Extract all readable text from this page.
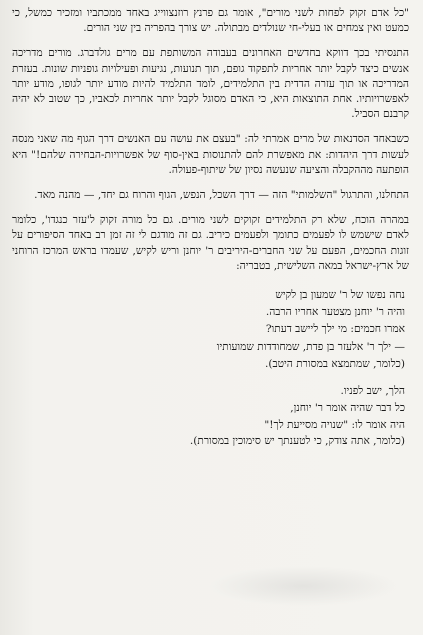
"כל אדם זקוק לפחות לשני מורים", אומר גם פרנץ רוזנצווייג באחד ממכתביו ומזכיר כמשל, כי כמעט ואין צמחים או בעלי-חי שנולדים מבתולה. יש צורך בהפריה בין שני הורים.

התנסיתי בכך דווקא בחדשים האחרונים בעבודה המשותפת עם מרים גולדברג. מורים מדריכה אנשים כיצד לקבל יותר אחריות לתפקוד גופם, תוך תנועות, נגיעות ופעילויות גופניות שונות. בעזרת המדריכה או תוך עזרה הדדית בין התלמידים, לומד התלמיד להיות מודע יותר לגופו, מודע יותר לאפשרויותיו. אחת התוצאות היא, כי האדם מסוגל לקבל יותר אחריות לכאביו, כך שטוב לא יהיה קרבנם הסביל.

כשבאחד הסדנאות של מרים אמרתי לה: "בעצם את עושה עם האנשים דרך הגוף מה שאני מנסה לעשות דרך היהדות: את מאפשרת להם להתנוסות באין-סוף של אפשרויות-הבחירה שלהם!" היא הופתעה מההקבלה והציעה שנעשה נסיון של שיתוף-פעולה.

התחלנו, והתרגול "השלמותי" הזה — דרך השכל, הנפש, הגוף והרוח גם יחד, — מהנה מאד.

במהרה הוכח, שלא רק התלמידים זקוקים לשני מורים. גם כל מורה זקוק ל'עזר כנגדו', כלומר לאדם שישמש לו לפעמים כתומך ולפעמים כיריב. גם זה מודגם לי זה זמן רב באחד הסיפורים על זוגות החכמים, הפעם על שני החברים-היריבים ר' יוחנן וריש לקיש, שעמדו בראש המרכז הרוחני של ארץ-ישראל במאה השלישית, בטבריה:

נחה נפשו של ר' שמעון בן לקיש
והיה ר' יוחנן מצטער אחריו הרבה.
אמרו חכמים: מי ילך ליישב דעתו?
— ילך ר' אלעזר בן פדת, שמחודדות שמועותיו
(כלומר, שמתמצא במסורת היטב).
הלך, ישב לפניו.
כל דבר שהיה אומר ר' יוחנן,
היה אומר לו: "שנויה מסייעת לך!"
(כלומר, אתה צודק, כי לטענתך יש סימוכין במסורת).
